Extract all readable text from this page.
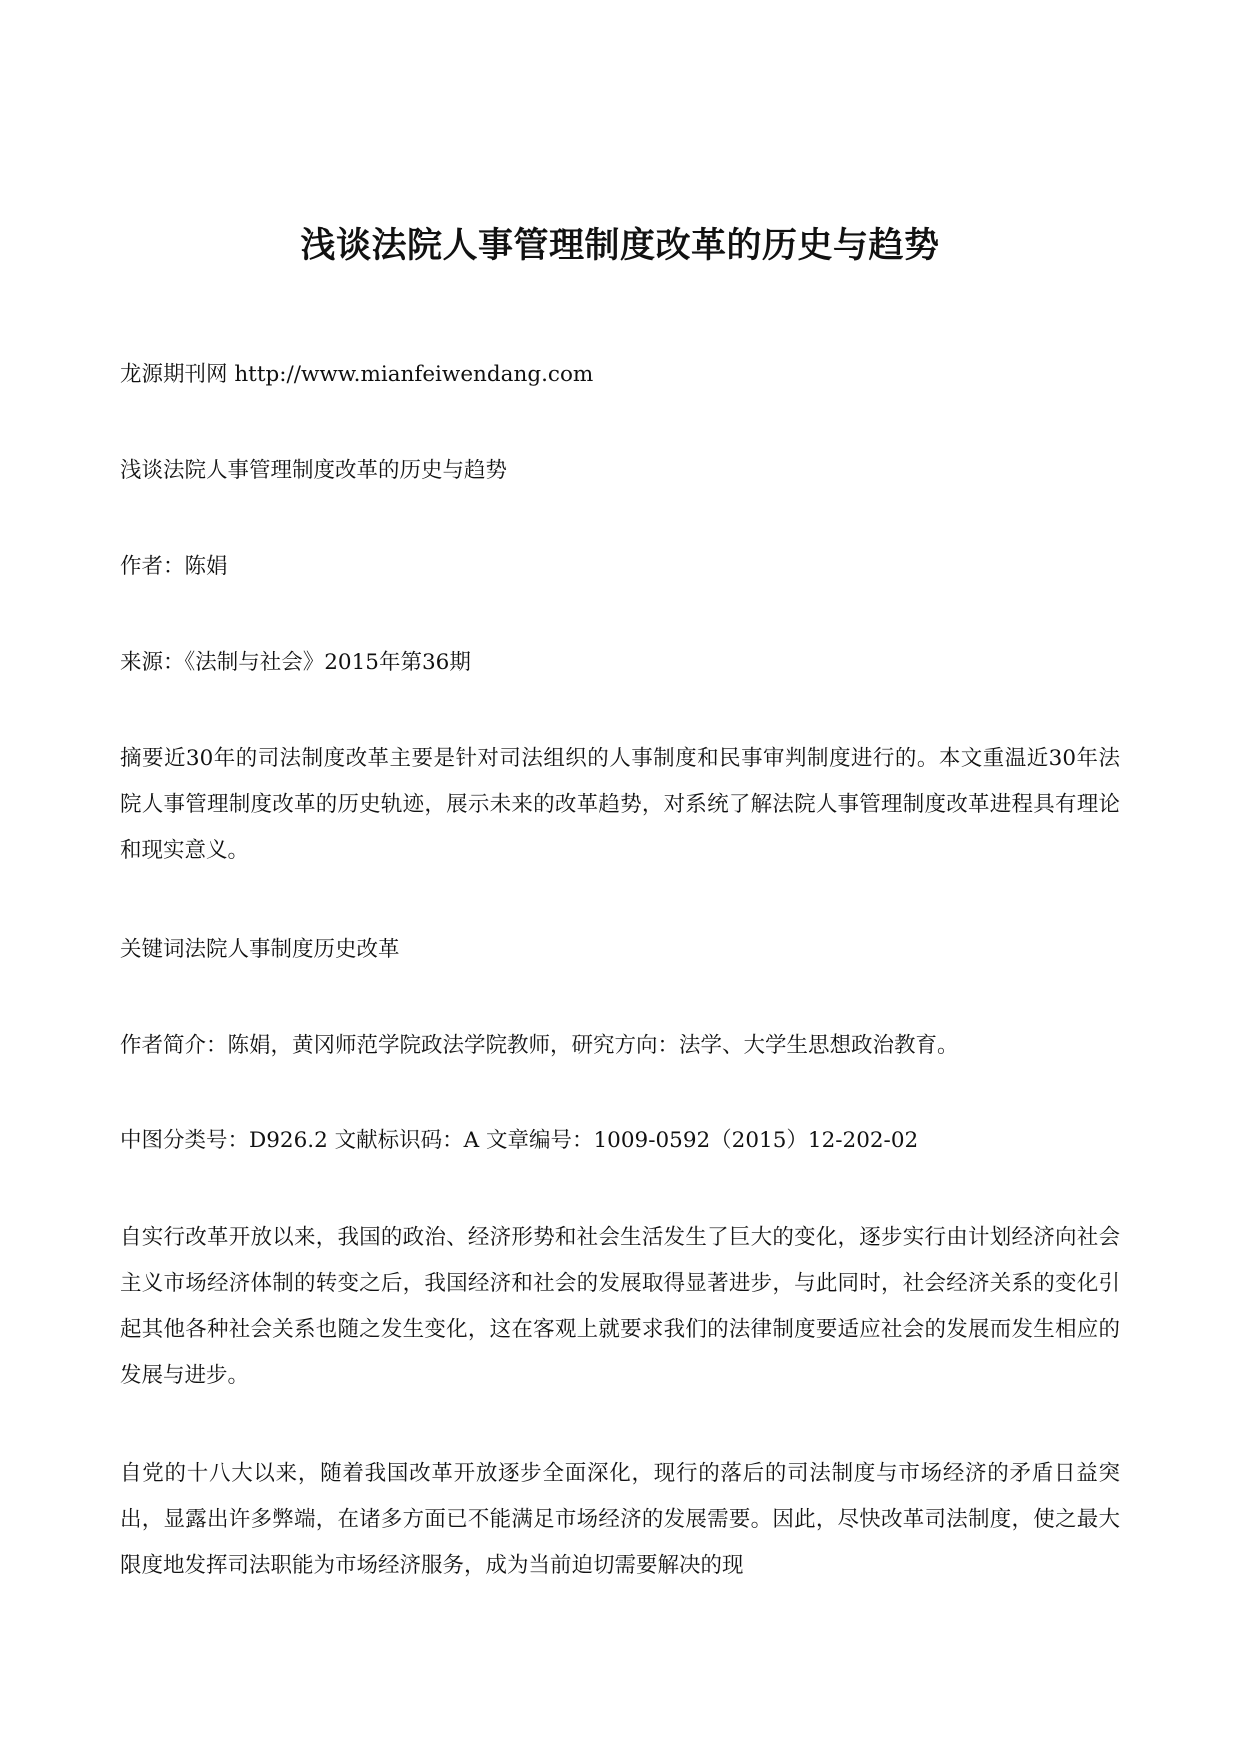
浅谈法院人事管理制度改革的历史与趋势

龙源期刊网 http://www.mianfeiwendang.com

浅谈法院人事管理制度改革的历史与趋势

作者：陈娟

来源：《法制与社会》2015年第36期

摘要近30年的司法制度改革主要是针对司法组织的人事制度和民事审判制度进行的。本文重温近30年法院人事管理制度改革的历史轨迹，展示未来的改革趋势，对系统了解法院人事管理制度改革进程具有理论和现实意义。

关键词法院人事制度历史改革

作者简介：陈娟，黄冈师范学院政法学院教师，研究方向：法学、大学生思想政治教育。

中图分类号：D926.2 文献标识码：A 文章编号：1009-0592（2015）12-202-02

自实行改革开放以来，我国的政治、经济形势和社会生活发生了巨大的变化，逐步实行由计划经济向社会主义市场经济体制的转变之后，我国经济和社会的发展取得显著进步，与此同时，社会经济关系的变化引起其他各种社会关系也随之发生变化，这在客观上就要求我们的法律制度要适应社会的发展而发生相应的发展与进步。

自党的十八大以来，随着我国改革开放逐步全面深化，现行的落后的司法制度与市场经济的矛盾日益突出，显露出许多弊端，在诸多方面已不能满足市场经济的发展需要。因此，尽快改革司法制度，使之最大限度地发挥司法职能为市场经济服务，成为当前迫切需要解决的现
